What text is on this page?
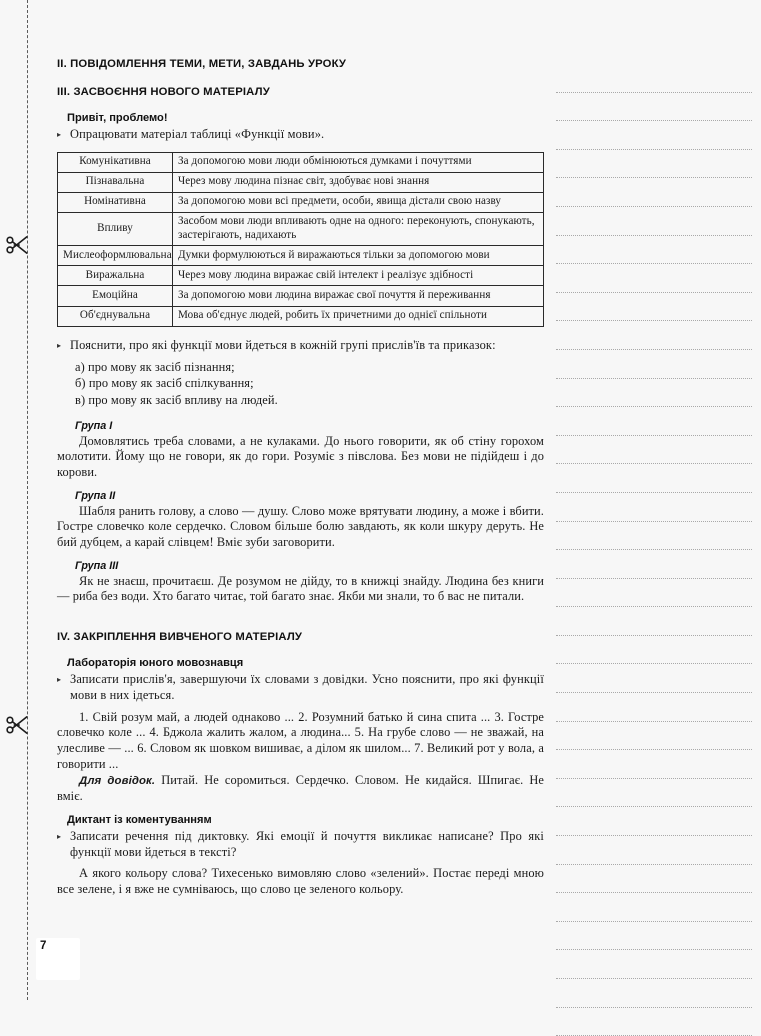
II. ПОВІДОМЛЕННЯ ТЕМИ, МЕТИ, ЗАВДАНЬ УРОКУ
III. ЗАСВОЄННЯ НОВОГО МАТЕРІАЛУ
Привіт, проблемо!
▸ Опрацювати матеріал таблиці «Функції мови».
Комунікативна	За допомогою мови люди обмінюються думками і почуттями
Пізнавальна	Через мову людина пізнає світ, здобуває нові знання
Номінативна	За допомогою мови всі предмети, особи, явища дістали свою назву
Впливу	Засобом мови люди впливають одне на одного: переконують, спонукають, застерігають, надихають
Мислеоформлювальна	Думки формулюються й виражаються тільки за допомогою мови
Виражальна	Через мову людина виражає свій інтелект і реалізує здібності
Емоційна	За допомогою мови людина виражає свої почуття й переживання
Об'єднувальна	Мова об'єднує людей, робить їх причетними до однієї спільноти
▸ Пояснити, про які функції мови йдеться в кожній групі прислів'їв та приказок:

а) про мову як засіб пізнання;

б) про мову як засіб спілкування;

в) про мову як засіб впливу на людей.

Група I

Домовлятись треба словами, а не кулаками. До нього говорити, як об стіну горохом молотити. Йому що не говори, як до гори. Розуміє з півслова. Без мови не підійдеш і до корови.

Група II

Шабля ранить голову, а слово — душу. Слово може врятувати людину, а може і вбити. Гостре словечко коле сердечко. Словом більше болю завдають, як коли шкуру деруть. Не бий дубцем, а карай слівцем! Вміє зуби заговорити.

Група III

Як не знаєш, прочитаєш. Де розумом не дійду, то в книжці знайду. Людина без книги — риба без води. Хто багато читає, той багато знає. Якби ми знали, то б вас не питали.

IV. ЗАКРІПЛЕННЯ ВИВЧЕНОГО МАТЕРІАЛУ
Лабораторія юного мовознавця
▸ Записати прислів'я, завершуючи їх словами з довідки. Усно пояснити, про які функції мови в них ідеться.

1. Свій розум май, а людей однаково ... 2. Розумний батько й сина спита ... 3. Гостре словечко коле ... 4. Бджола жалить жалом, а людина... 5. На грубе слово — не зважай, на улесливе — ... 6. Словом як шовком вишиває, а ділом як шилом... 7. Великий рот у вола, а говорити ...

Для довідок. Питай. Не соромиться. Сердечко. Словом. Не кидайся. Шпигає. Не вміє.

Диктант із коментуванням
▸ Записати речення під диктовку. Які емоції й почуття викликає написане? Про які функції мови йдеться в тексті?

А якого кольору слова? Тихесенько вимовляю слово «зелений». Постає переді мною все зелене, і я вже не сумніваюсь, що слово це зеленого кольору.

7
